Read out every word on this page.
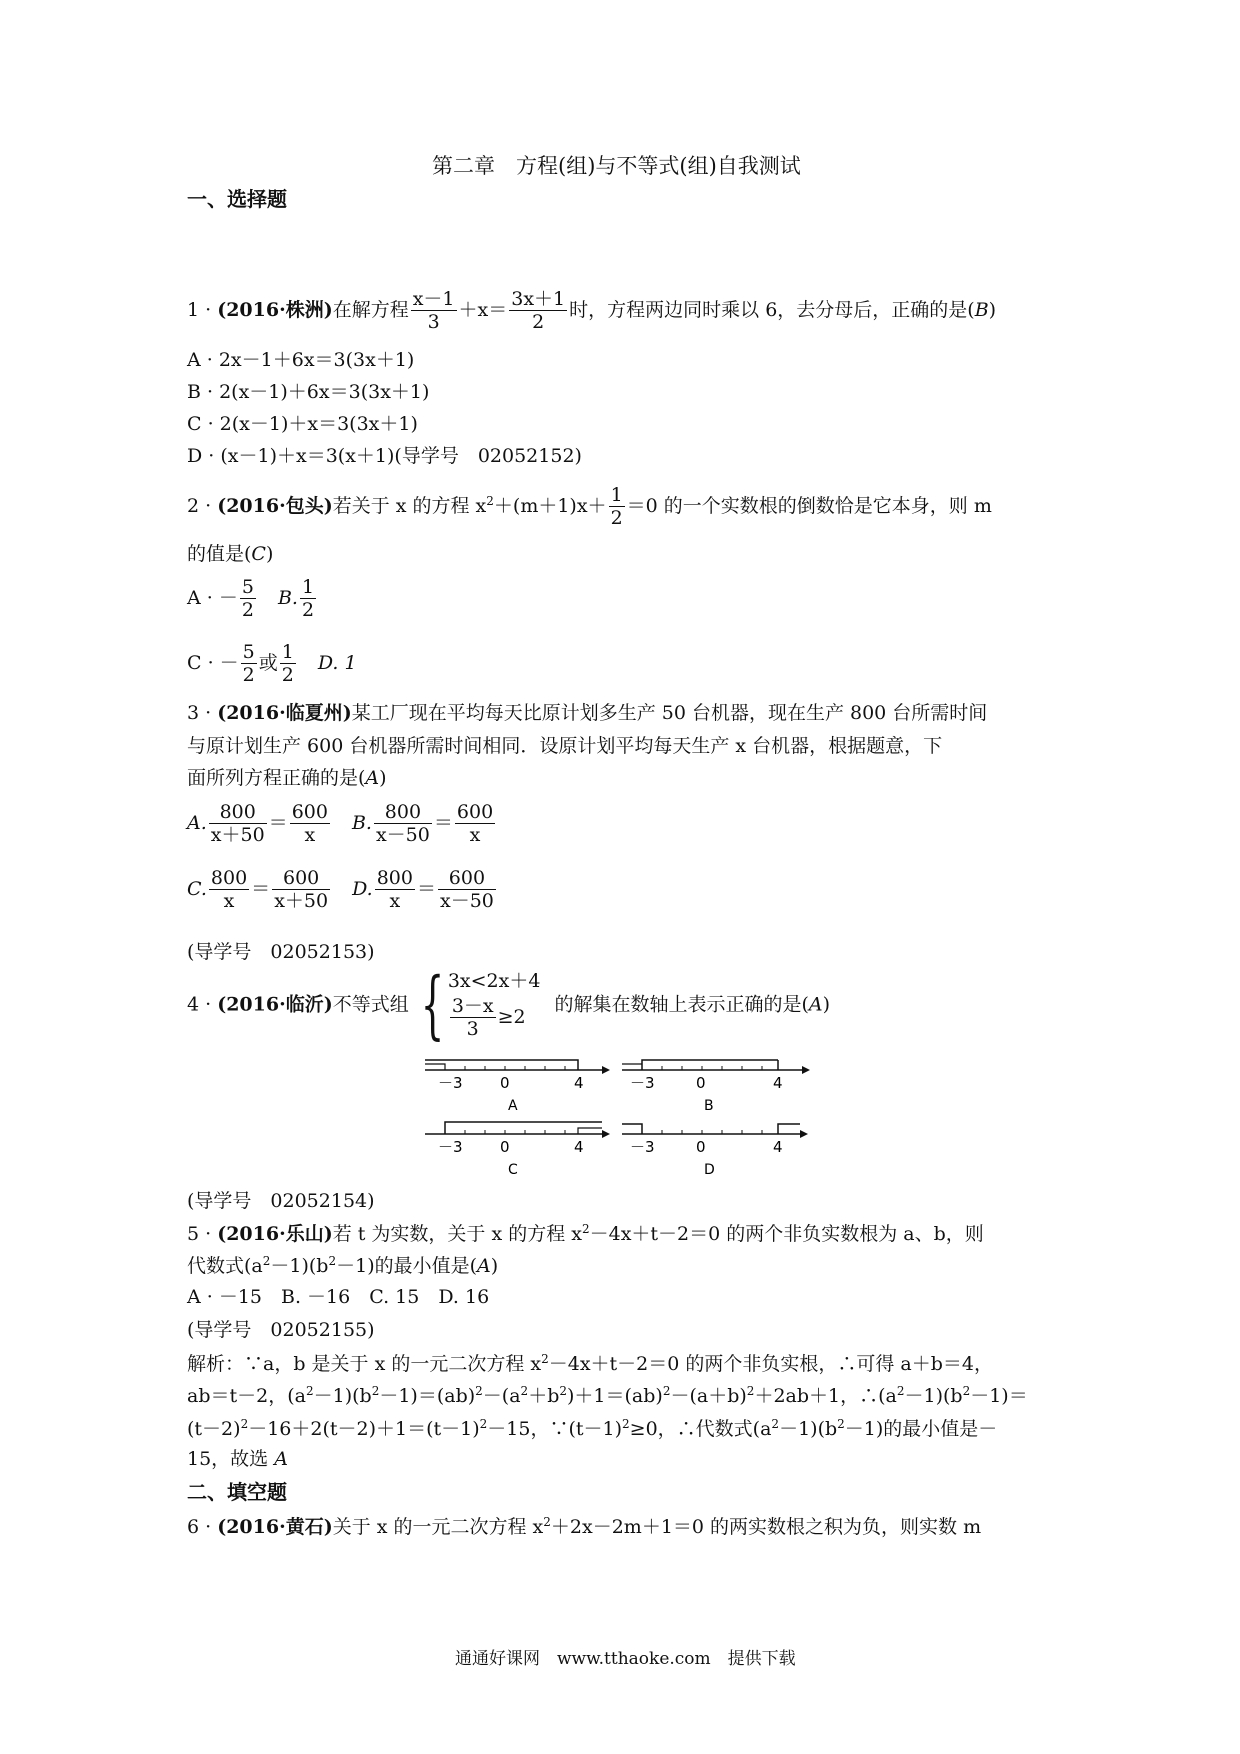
第二章　方程(组)与不等式(组)自我测试
一、选择题
1 · (2016·株洲)在解方程 $\frac{x-1}{3} +x= \frac{3x+1}{2}$ 时，方程两边同时乘以 6，去分母后，正确的是(B)
A · 2x－1＋6x＝3(3x＋1)
B · 2(x－1)＋6x＝3(3x＋1)
C · 2(x－1)＋x＝3(3x＋1)
D · (x－1)＋x＝3(x＋1)(导学号　02052152)
2 · (2016·包头)若关于 x 的方程 $x^2+(m+1)x+ \frac{1}{2} =0$ 的一个实数根的倒数恰是它本身，则 m
的值是(C)
A · － $\frac{5}{2} B$. $\frac{1}{2}$
C · － $\frac{5}{2}$ 或 $\frac{1}{2} D$. 1
3 · (2016·临夏州)某工厂现在平均每天比原计划多生产 50 台机器，现在生产 800 台所需时间
与原计划生产 600 台机器所需时间相同．设原计划平均每天生产 x 台机器，根据题意，下
面所列方程正确的是(A)
A. $\frac{800}{x+50} = \frac{600}{x} B$. $\frac{800}{x-50} = \frac{600}{x}$
C. $\frac{800}{x} = \frac{600}{x+50} D$. $\frac{800}{x} = \frac{600}{x-50}$
(导学号　02052153)
4 · (2016·临沂)不等式组 { 3x<2x＋4
$\frac{3-x}{3} \ge 2$
的解集在数轴上表示正确的是(A)
－3 0	4
A
－3	0	4
B
－3 0	4
C
－3	0	4
D
(导学号　02052154)
5 · (2016·乐山)若 t 为实数，关于 x 的方程 $x^2-4x+t-2=0$ 的两个非负实数根为 a、b，则
代数式$(a^2-1)(b^2-1)$的最小值是(A)
A · －15　B. －16　C. 15　D. 16
(导学号　02052155)
解析：∵a，b 是关于 x 的一元二次方程 $x^2-4x+t-2=0$ 的两个非负实根，∴可得 a＋b＝4，
ab＝t－2，$(a^2-1)(b^2-1)=(ab)^2-(a^2+b^2)+1=(ab)^2-(a+b)^2+2ab+1$，$\therefore(a^2-1)(b^2-1)=$
$(t-2)^2-16+2(t-2)+1=(t-1)^2-15$，$\because(t-1)^2\ge 0$，∴代数式$(a^2-1)(b^2-1)$的最小值是－
15，故选 A
二、填空题
6 · (2016·黄石)关于 x 的一元二次方程 $x^2+2x-2m+1=0$ 的两实数根之积为负，则实数 m
通通好课网　www.tthaoke.com　提供下载
